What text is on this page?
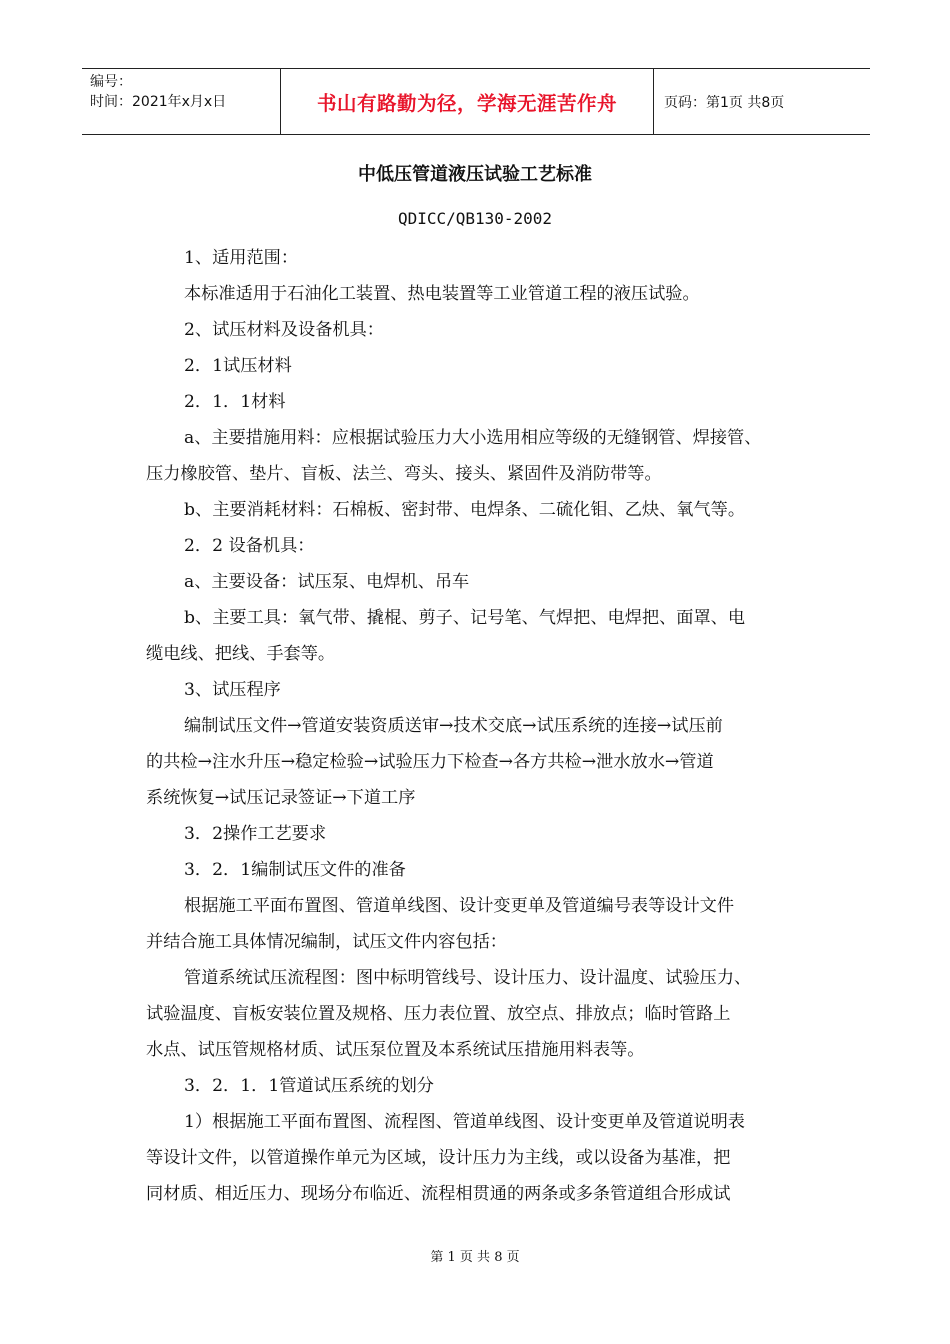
编号：
时间：2021年x月x日	书山有路勤为径，学海无涯苦作舟	页码：第1页 共8页
中低压管道液压试验工艺标准
QDICC/QB130-2002

1、适用范围：

本标准适用于石油化工装置、热电装置等工业管道工程的液压试验。

2、试压材料及设备机具：

2．1试压材料

2．1．1材料

a、主要措施用料：应根据试验压力大小选用相应等级的无缝钢管、焊接管、

压力橡胶管、垫片、盲板、法兰、弯头、接头、紧固件及消防带等。

b、主要消耗材料：石棉板、密封带、电焊条、二硫化钼、乙炔、氧气等。

2．2 设备机具：

a、主要设备：试压泵、电焊机、吊车

b、主要工具：氧气带、撬棍、剪子、记号笔、气焊把、电焊把、面罩、电

缆电线、把线、手套等。

3、试压程序

编制试压文件→管道安装资质送审→技术交底→试压系统的连接→试压前

的共检→注水升压→稳定检验→试验压力下检查→各方共检→泄水放水→管道

系统恢复→试压记录签证→下道工序

3．2操作工艺要求

3．2．1编制试压文件的准备

根据施工平面布置图、管道单线图、设计变更单及管道编号表等设计文件

并结合施工具体情况编制，试压文件内容包括：

管道系统试压流程图：图中标明管线号、设计压力、设计温度、试验压力、

试验温度、盲板安装位置及规格、压力表位置、放空点、排放点；临时管路上

水点、试压管规格材质、试压泵位置及本系统试压措施用料表等。

3．2．1．1管道试压系统的划分

1）根据施工平面布置图、流程图、管道单线图、设计变更单及管道说明表

等设计文件，以管道操作单元为区域，设计压力为主线，或以设备为基准，把

同材质、相近压力、现场分布临近、流程相贯通的两条或多条管道组合形成试

第 1 页 共 8 页
